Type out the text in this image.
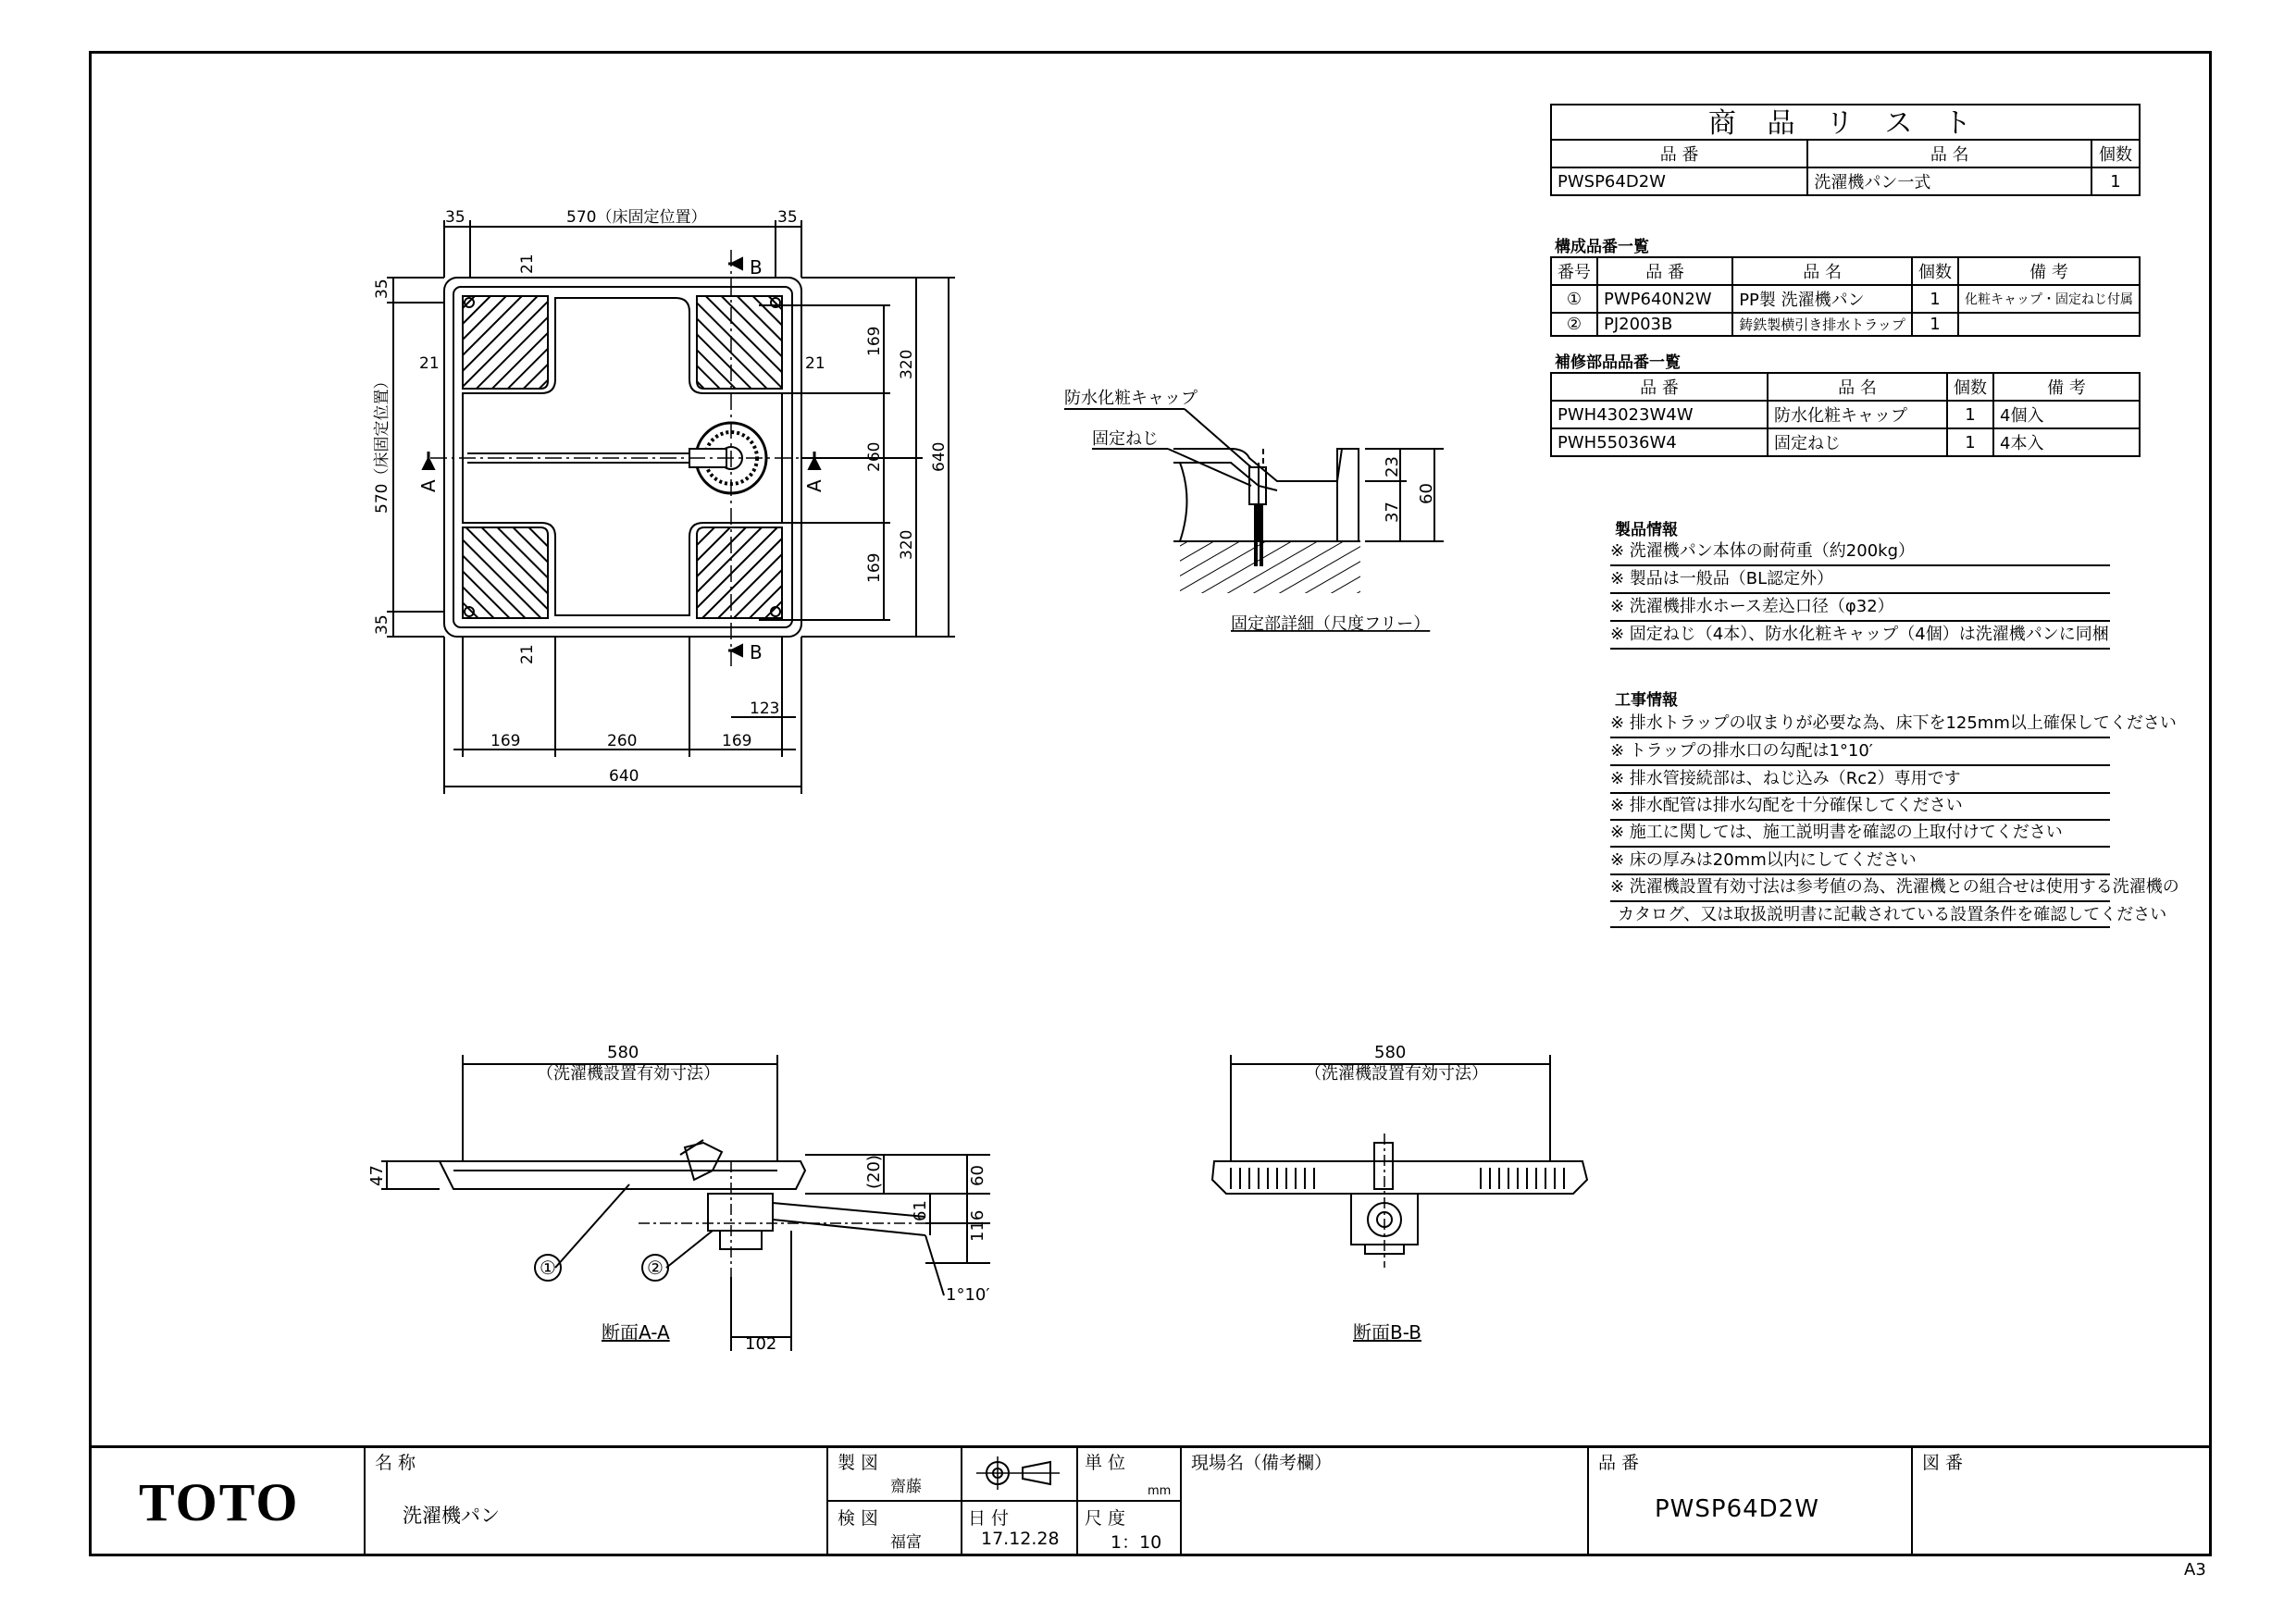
A3
商 品 リ ス ト
品 番	品 名	個数
PWSP64D2W	洗濯機パン一式	1
構成品番一覧
番号	品 番	品 名	個数	備 考
①	PWP640N2W	PP製 洗濯機パン	1	化粧キャップ・固定ねじ付属
②	PJ2003B	鋳鉄製横引き排水トラップ	1	
補修部品品番一覧
品 番	品 名	個数	備 考
PWH43023W4W	防水化粧キャップ	1	4個入
PWH55036W4	固定ねじ	1	4本入
製品情報
※ 洗濯機パン本体の耐荷重（約200kg）
※ 製品は一般品（BL認定外）
※ 洗濯機排水ホース差込口径（φ32）
※ 固定ねじ（4本）、防水化粧キャップ（4個）は洗濯機パンに同梱
工事情報
※ 排水トラップの収まりが必要な為、床下を125mm以上確保してください
※ トラップの排水口の勾配は1°10′
※ 排水管接続部は、ねじ込み（Rc2）専用です
※ 排水配管は排水勾配を十分確保してください
※ 施工に関しては、施工説明書を確認の上取付けてください
※ 床の厚みは20mm以内にしてください
※ 洗濯機設置有効寸法は参考値の為、洗濯機との組合せは使用する洗濯機の
カタログ、又は取扱説明書に記載されている設置条件を確認してください
35	570（床固定位置）	35
35
570（床固定位置）
35
169
260
169
320
320
640
169	260	169
123
640
21
21	21
21
A	A
B
B
防水化粧キャップ
固定ねじ
固定部詳細（尺度フリー）
23
37
60
580
（洗濯機設置有効寸法）
47	(20)	60
61 116
1°10′
102
①	②
断面A-A
580
（洗濯機設置有効寸法）
断面B-B
TOTO
名 称
洗濯機パン
製 図
齋藤
検 図
福富
日 付
17.12.28
単 位
mm
尺 度
1：10
現場名（備考欄）	品 番
PWSP64D2W
図 番
